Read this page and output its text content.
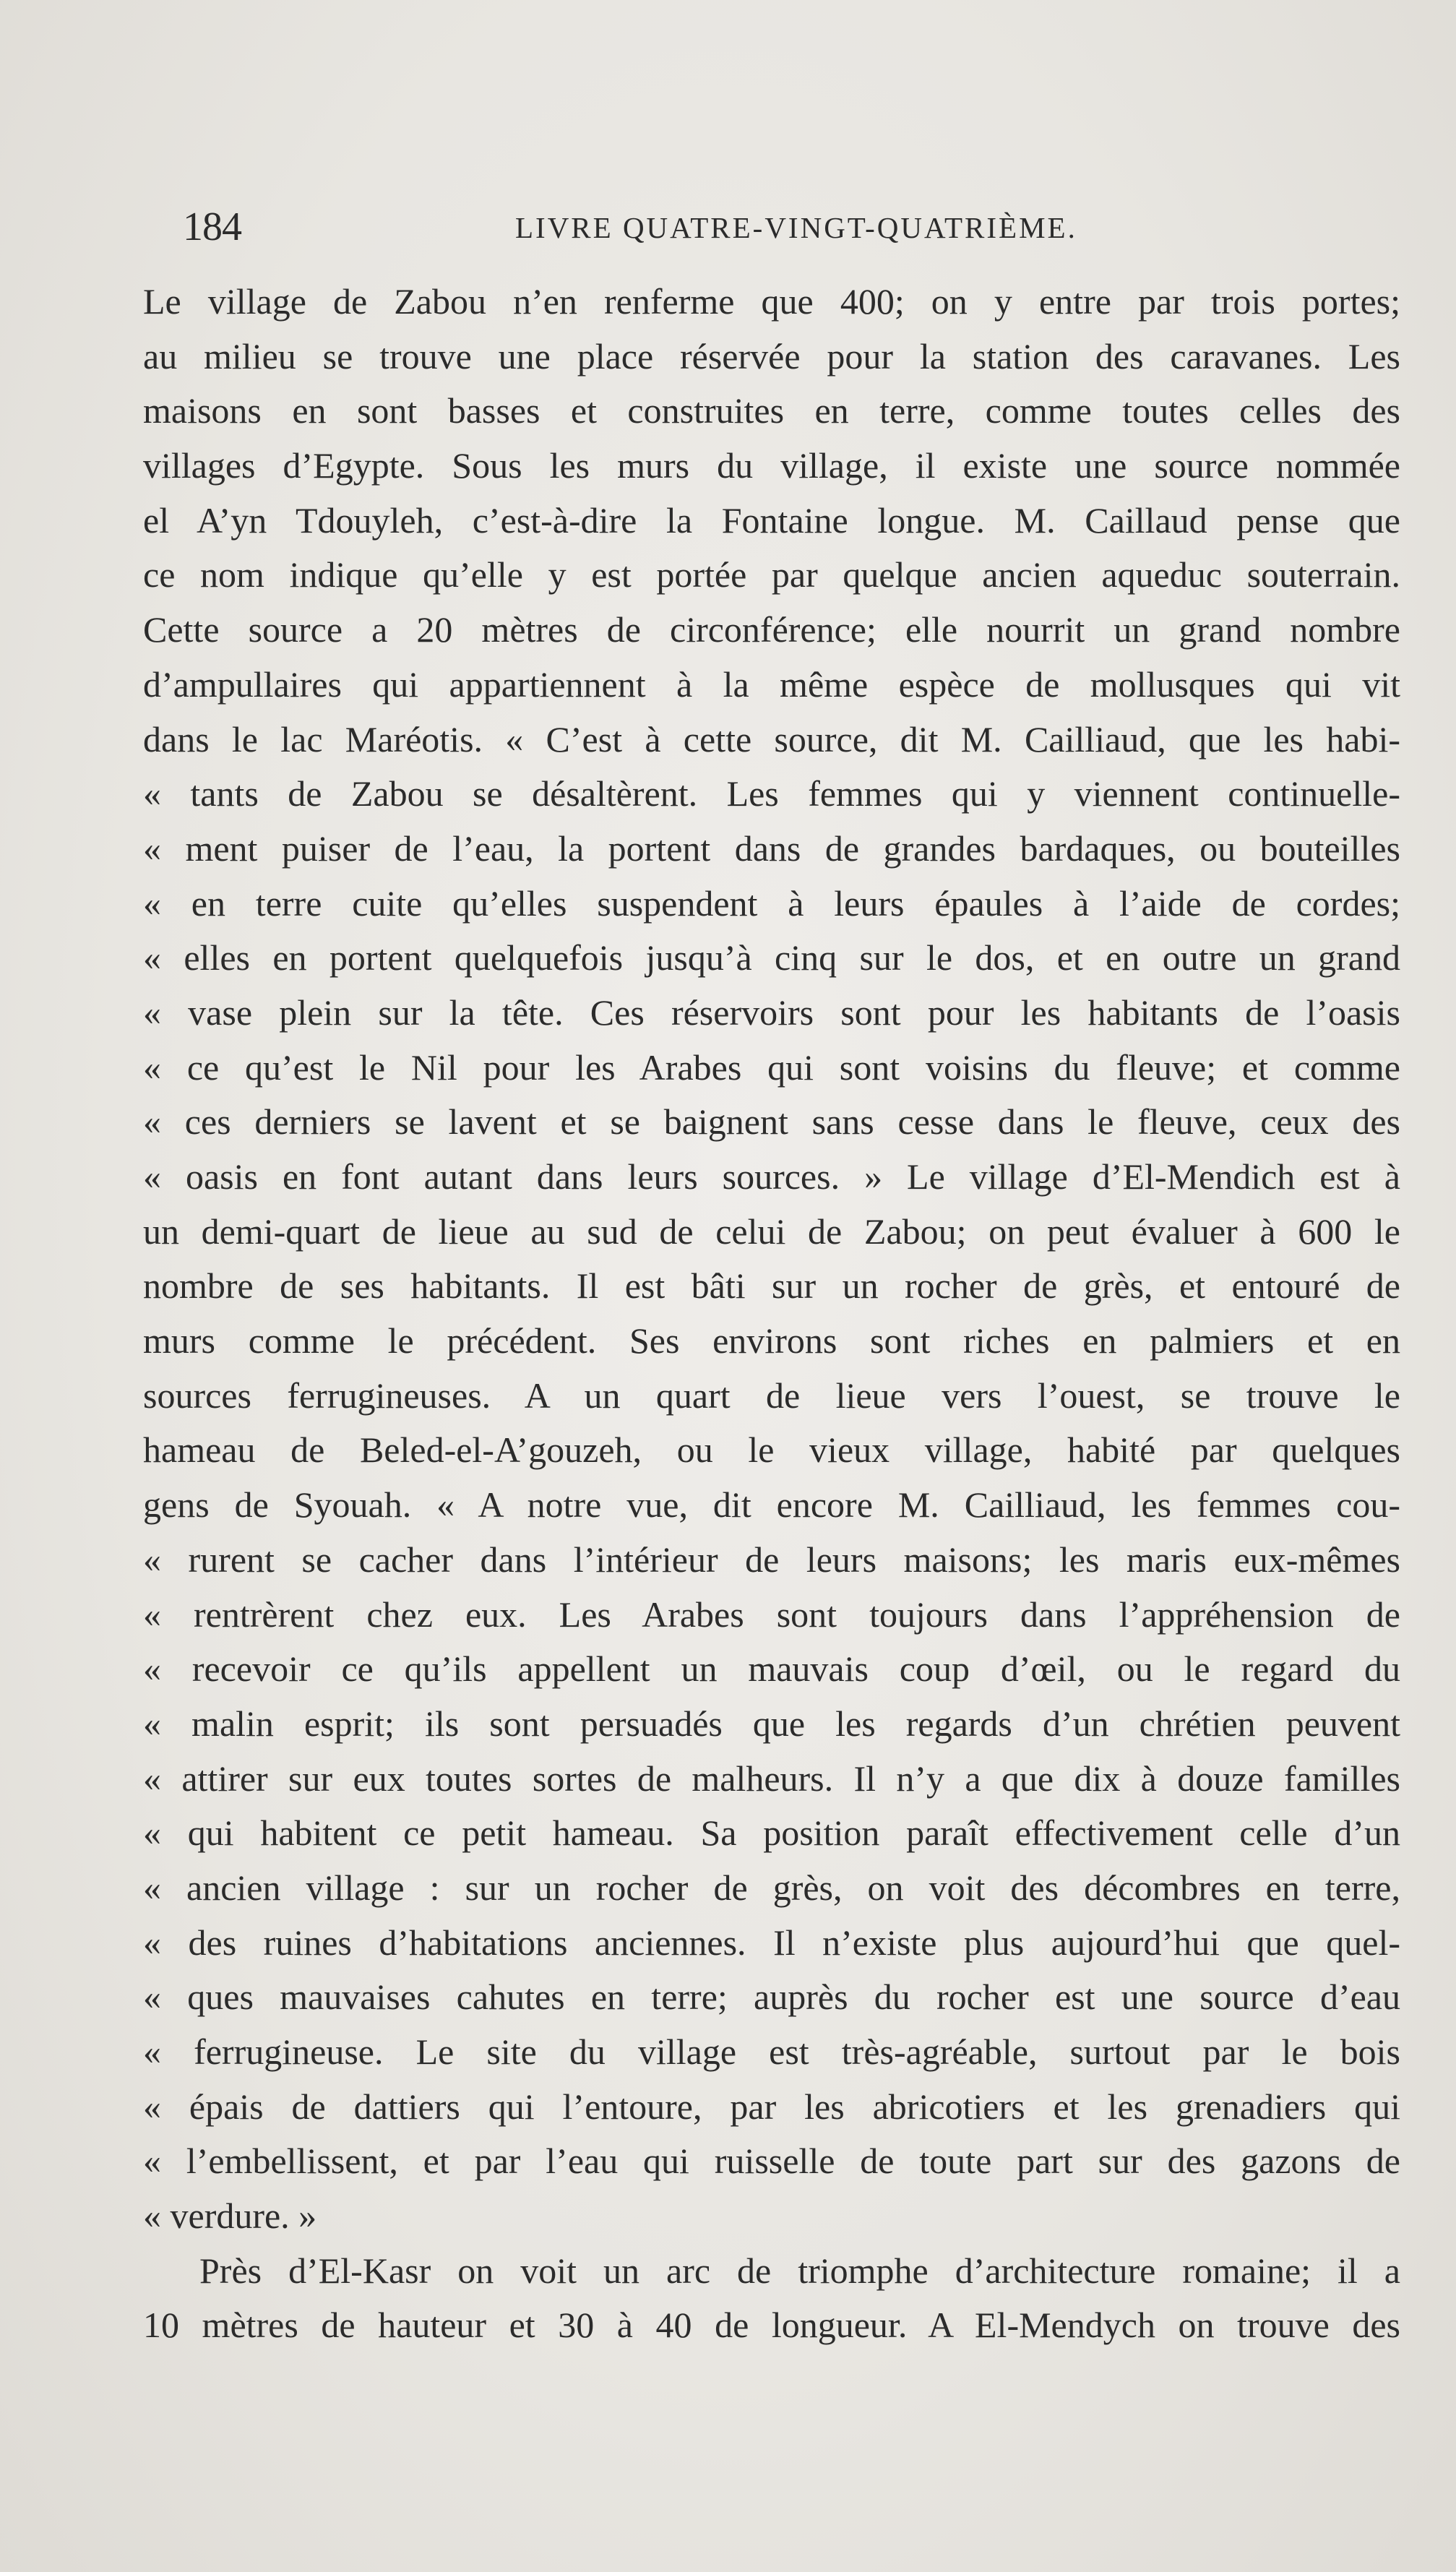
184	LIVRE QUATRE-VINGT-QUATRIÈME.
Le village de Zabou n’en renferme que 400; on y entre par trois portes;
au milieu se trouve une place réservée pour la station des caravanes. Les
maisons en sont basses et construites en terre, comme toutes celles des
villages d’Egypte. Sous les murs du village, il existe une source nommée
el A’yn Tdouyleh, c’est-à-dire la Fontaine longue. M. Caillaud pense que
ce nom indique qu’elle y est portée par quelque ancien aqueduc souterrain.
Cette source a 20 mètres de circonférence; elle nourrit un grand nombre
d’ampullaires qui appartiennent à la même espèce de mollusques qui vit
dans le lac Maréotis. « C’est à cette source, dit M. Cailliaud, que les habi-
« tants de Zabou se désaltèrent. Les femmes qui y viennent continuelle-
« ment puiser de l’eau, la portent dans de grandes bardaques, ou bouteilles
« en terre cuite qu’elles suspendent à leurs épaules à l’aide de cordes;
« elles en portent quelquefois jusqu’à cinq sur le dos, et en outre un grand
« vase plein sur la tête. Ces réservoirs sont pour les habitants de l’oasis
« ce qu’est le Nil pour les Arabes qui sont voisins du fleuve; et comme
« ces derniers se lavent et se baignent sans cesse dans le fleuve, ceux des
« oasis en font autant dans leurs sources. » Le village d’El-Mendich est à
un demi-quart de lieue au sud de celui de Zabou; on peut évaluer à 600 le
nombre de ses habitants. Il est bâti sur un rocher de grès, et entouré de
murs comme le précédent. Ses environs sont riches en palmiers et en
sources ferrugineuses. A un quart de lieue vers l’ouest, se trouve le
hameau de Beled-el-A’gouzeh, ou le vieux village, habité par quelques
gens de Syouah. « A notre vue, dit encore M. Cailliaud, les femmes cou-
« rurent se cacher dans l’intérieur de leurs maisons; les maris eux-mêmes
« rentrèrent chez eux. Les Arabes sont toujours dans l’appréhension de
« recevoir ce qu’ils appellent un mauvais coup d’œil, ou le regard du
« malin esprit; ils sont persuadés que les regards d’un chrétien peuvent
« attirer sur eux toutes sortes de malheurs. Il n’y a que dix à douze familles
« qui habitent ce petit hameau. Sa position paraît effectivement celle d’un
« ancien village : sur un rocher de grès, on voit des décombres en terre,
« des ruines d’habitations anciennes. Il n’existe plus aujourd’hui que quel-
« ques mauvaises cahutes en terre; auprès du rocher est une source d’eau
« ferrugineuse. Le site du village est très-agréable, surtout par le bois
« épais de dattiers qui l’entoure, par les abricotiers et les grenadiers qui
« l’embellissent, et par l’eau qui ruisselle de toute part sur des gazons de
« verdure. »
Près d’El-Kasr on voit un arc de triomphe d’architecture romaine; il a
10 mètres de hauteur et 30 à 40 de longueur. A El-Mendych on trouve des
